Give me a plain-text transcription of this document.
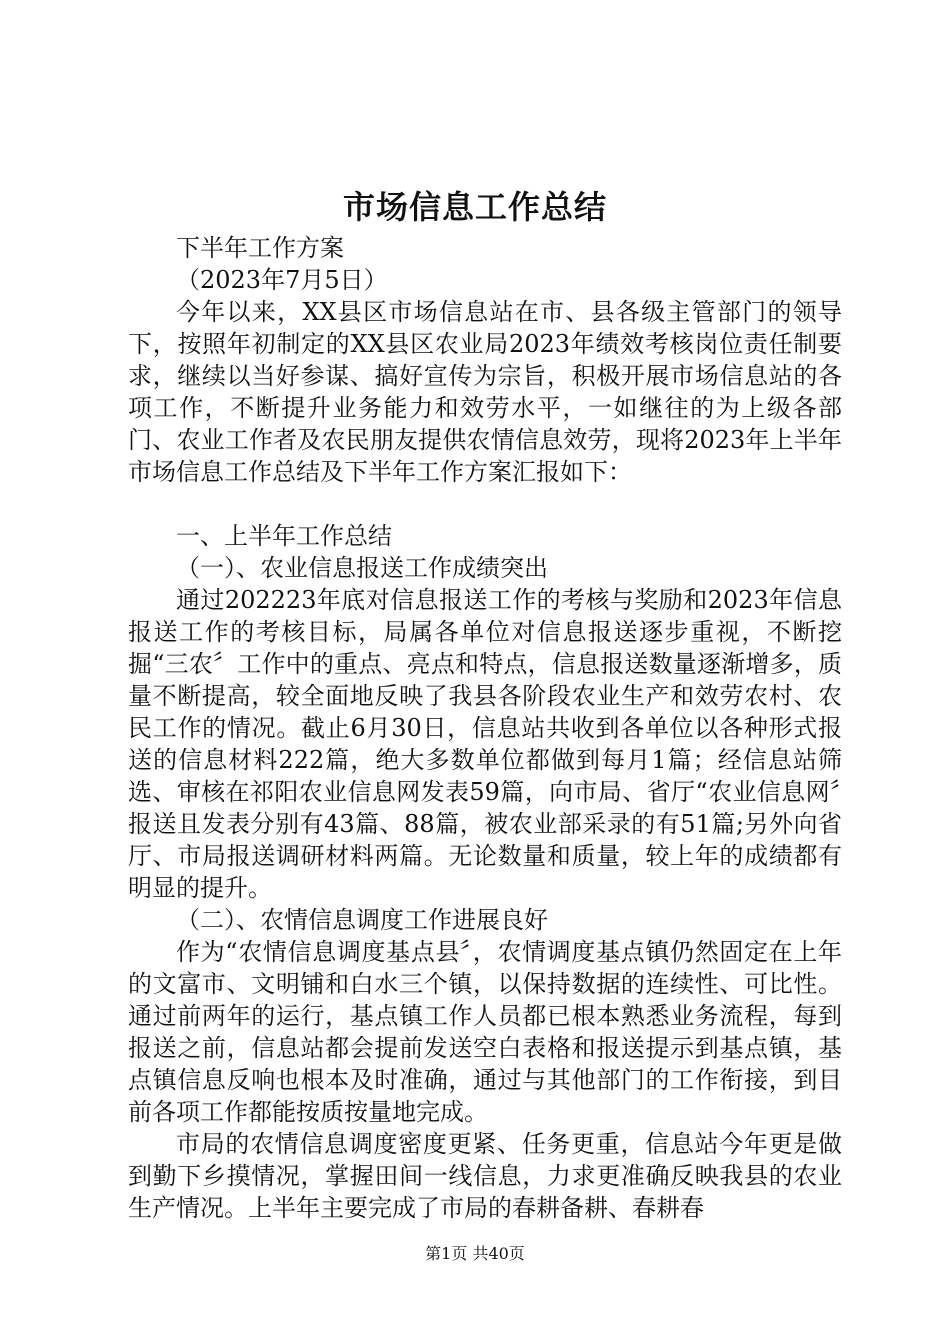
市场信息工作总结

下半年工作方案

（2023年7月5日）

今年以来，XX县区市场信息站在市、县各级主管部门的领导下，按照年初制定的XX县区农业局2023年绩效考核岗位责任制要求，继续以当好参谋、搞好宣传为宗旨，积极开展市场信息站的各项工作，不断提升业务能力和效劳水平，一如继往的为上级各部门、农业工作者及农民朋友提供农情信息效劳，现将2023年上半年市场信息工作总结及下半年工作方案汇报如下：

一、上半年工作总结

（一）、农业信息报送工作成绩突出

通过202223年底对信息报送工作的考核与奖励和2023年信息报送工作的考核目标，局属各单位对信息报送逐步重视，不断挖掘“三农〞工作中的重点、亮点和特点，信息报送数量逐渐增多，质量不断提高，较全面地反映了我县各阶段农业生产和效劳农村、农民工作的情况。截止6月30日，信息站共收到各单位以各种形式报送的信息材料222篇，绝大多数单位都做到每月1篇；经信息站筛选、审核在祁阳农业信息网发表59篇，向市局、省厅“农业信息网〞报送且发表分别有43篇、88篇，被农业部采录的有51篇;另外向省厅、市局报送调研材料两篇。无论数量和质量，较上年的成绩都有明显的提升。

（二）、农情信息调度工作进展良好

作为“农情信息调度基点县〞，农情调度基点镇仍然固定在上年的文富市、文明铺和白水三个镇，以保持数据的连续性、可比性。通过前两年的运行，基点镇工作人员都已根本熟悉业务流程，每到报送之前，信息站都会提前发送空白表格和报送提示到基点镇，基点镇信息反响也根本及时准确，通过与其他部门的工作衔接，到目前各项工作都能按质按量地完成。

市局的农情信息调度密度更紧、任务更重，信息站今年更是做到勤下乡摸情况，掌握田间一线信息，力求更准确反映我县的农业生产情况。上半年主要完成了市局的春耕备耕、春耕春

第1页 共40页
